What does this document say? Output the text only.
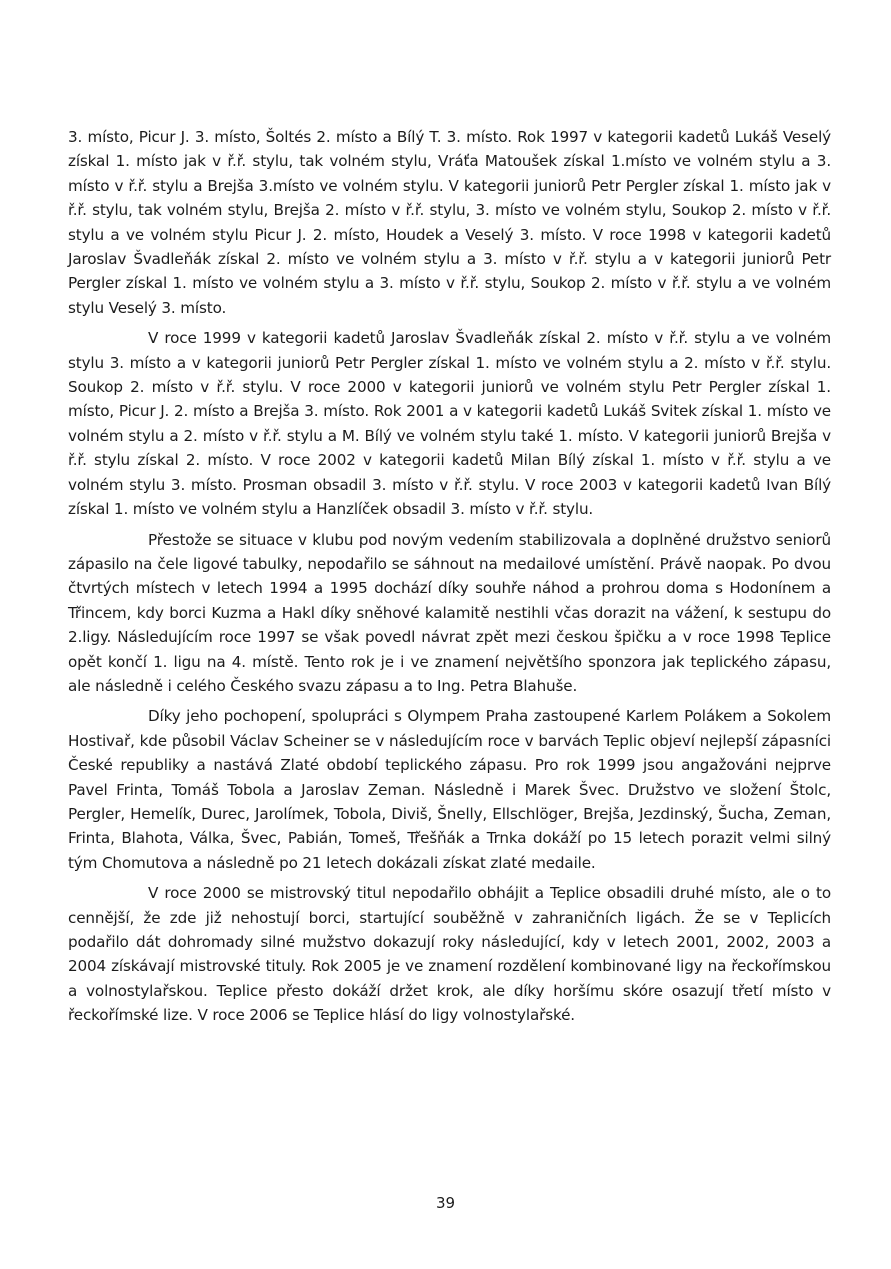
3. místo, Picur J. 3. místo, Šoltés 2. místo a Bílý T. 3. místo. Rok 1997 v kategorii kadetů Lukáš Veselý získal 1. místo jak v ř.ř. stylu, tak volném stylu, Vráťa Matoušek získal 1.místo ve volném stylu a 3. místo v ř.ř. stylu a Brejša 3.místo ve volném stylu. V kategorii juniorů Petr Pergler získal 1. místo jak v ř.ř. stylu, tak volném stylu, Brejša 2. místo v ř.ř. stylu, 3. místo ve volném stylu, Soukop 2. místo v ř.ř. stylu a ve volném stylu Picur J. 2. místo, Houdek a Veselý 3. místo. V roce 1998 v kategorii kadetů Jaroslav Švadleňák získal 2. místo ve volném stylu a 3. místo v ř.ř. stylu a v kategorii juniorů Petr Pergler získal 1. místo ve volném stylu a 3. místo v ř.ř. stylu, Soukop 2. místo v ř.ř. stylu a ve volném stylu Veselý 3. místo.

V roce 1999 v kategorii kadetů Jaroslav Švadleňák získal 2. místo v ř.ř. stylu a ve volném stylu 3. místo a v kategorii juniorů Petr Pergler získal 1. místo ve volném stylu a 2. místo v ř.ř. stylu. Soukop 2. místo v ř.ř. stylu. V roce 2000 v kategorii juniorů ve volném stylu Petr Pergler získal 1. místo, Picur J. 2. místo a Brejša 3. místo. Rok 2001 a v kategorii kadetů Lukáš Svitek získal 1. místo ve volném stylu a 2. místo v ř.ř. stylu a M. Bílý ve volném stylu také 1. místo. V kategorii juniorů Brejša v ř.ř. stylu získal 2. místo. V roce 2002 v kategorii kadetů Milan Bílý získal 1. místo v ř.ř. stylu a ve volném stylu 3. místo. Prosman obsadil 3. místo v ř.ř. stylu. V roce 2003 v kategorii kadetů Ivan Bílý získal 1. místo ve volném stylu a Hanzlíček obsadil 3. místo v ř.ř. stylu.

Přestože se situace v klubu pod novým vedením stabilizovala a doplněné družstvo seniorů zápasilo na čele ligové tabulky, nepodařilo se sáhnout na medailové umístění. Právě naopak. Po dvou čtvrtých místech v letech 1994 a 1995 dochází díky souhře náhod a prohrou doma s Hodonínem a Třincem, kdy borci Kuzma a Hakl díky sněhové kalamitě nestihli včas dorazit na vážení, k sestupu do 2.ligy. Následujícím roce 1997 se však povedl návrat zpět mezi českou špičku a v roce 1998 Teplice opět končí 1. ligu na 4. místě. Tento rok je i ve znamení největšího sponzora jak teplického zápasu, ale následně i celého Českého svazu zápasu a to Ing. Petra Blahuše.

Díky jeho pochopení, spolupráci s Olympem Praha zastoupené Karlem Polákem a Sokolem Hostivař, kde působil Václav Scheiner se v následujícím roce v barvách Teplic objeví nejlepší zápasníci České republiky a nastává Zlaté období teplického zápasu. Pro rok 1999 jsou angažováni nejprve Pavel Frinta, Tomáš Tobola a Jaroslav Zeman. Následně i Marek Švec. Družstvo ve složení Štolc, Pergler, Hemelík, Durec, Jarolímek, Tobola, Diviš, Šnelly, Ellschlöger, Brejša, Jezdinský, Šucha, Zeman, Frinta, Blahota, Válka, Švec, Pabián, Tomeš, Třešňák a Trnka dokáží po 15 letech porazit velmi silný tým Chomutova a následně po 21 letech dokázali získat zlaté medaile.

V roce 2000 se mistrovský titul nepodařilo obhájit a Teplice obsadili druhé místo, ale o to cennější, že zde již nehostují borci, startující souběžně v zahraničních ligách. Že se v Teplicích podařilo dát dohromady silné mužstvo dokazují roky následující, kdy v letech 2001, 2002, 2003 a 2004 získávají mistrovské tituly. Rok 2005 je ve znamení rozdělení kombinované ligy na řeckořímskou a volnostylařskou. Teplice přesto dokáží držet krok, ale díky horšímu skóre osazují třetí místo v řeckořímské lize. V roce 2006 se Teplice hlásí do ligy volnostylařské.

39
